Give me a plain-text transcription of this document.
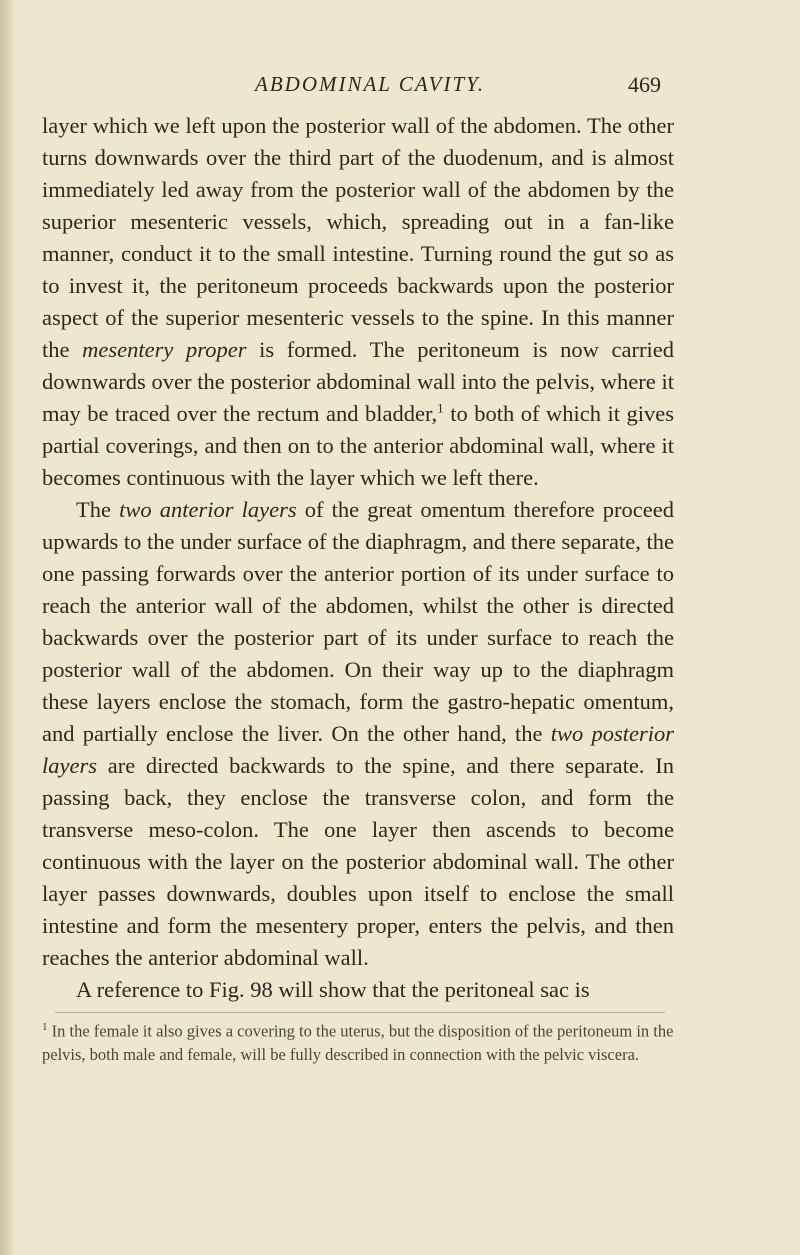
ABDOMINAL CAVITY.	469

layer which we left upon the posterior wall of the abdomen. The other turns downwards over the third part of the duodenum, and is almost immediately led away from the posterior wall of the abdomen by the superior mesenteric vessels, which, spreading out in a fan-like manner, conduct it to the small intestine. Turning round the gut so as to invest it, the peritoneum proceeds backwards upon the posterior aspect of the superior mesenteric vessels to the spine. In this manner the mesentery proper is formed. The peritoneum is now carried downwards over the posterior abdominal wall into the pelvis, where it may be traced over the rectum and bladder,$^1$ to both of which it gives partial coverings, and then on to the anterior abdominal wall, where it becomes continuous with the layer which we left there.

The two anterior layers of the great omentum therefore proceed upwards to the under surface of the diaphragm, and there separate, the one passing forwards over the anterior portion of its under surface to reach the anterior wall of the abdomen, whilst the other is directed backwards over the posterior part of its under surface to reach the posterior wall of the abdomen. On their way up to the diaphragm these layers enclose the stomach, form the gastro-hepatic omentum, and partially enclose the liver. On the other hand, the two posterior layers are directed backwards to the spine, and there separate. In passing back, they enclose the transverse colon, and form the transverse meso-colon. The one layer then ascends to become continuous with the layer on the posterior abdominal wall. The other layer passes downwards, doubles upon itself to enclose the small intestine and form the mesentery proper, enters the pelvis, and then reaches the anterior abdominal wall.

A reference to Fig. 98 will show that the peritoneal sac is

$^1$ In the female it also gives a covering to the uterus, but the disposition of the peritoneum in the pelvis, both male and female, will be fully described in connection with the pelvic viscera.
